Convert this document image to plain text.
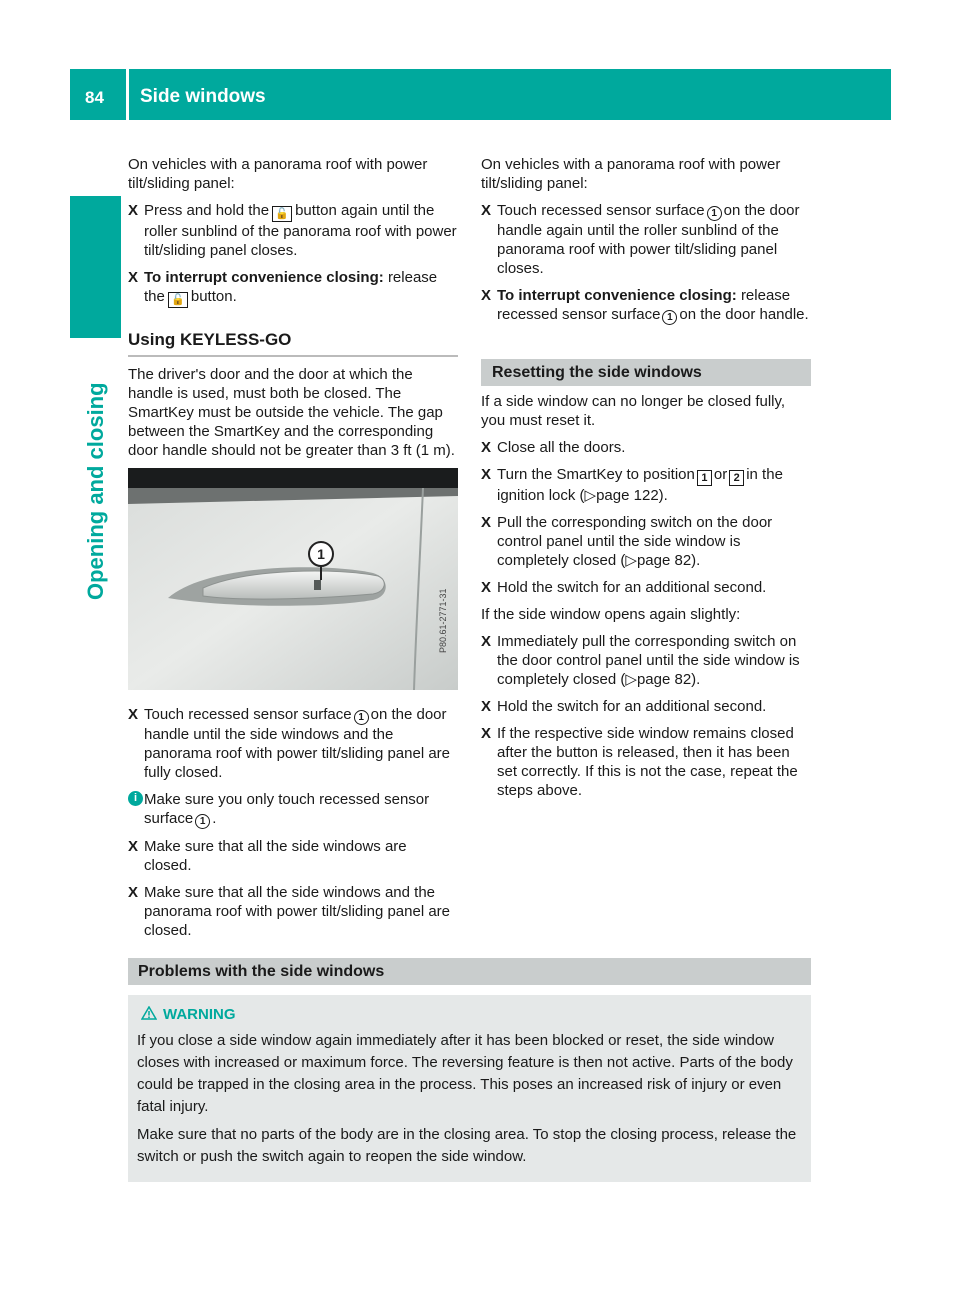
84 Side windows
Opening and closing

On vehicles with a panorama roof with power tilt/sliding panel:

X Press and hold the 🔓 button again until the roller sunblind of the panorama roof with power tilt/sliding panel closes.
X To interrupt convenience closing: release the 🔓 button.
Using KEYLESS-GO

The driver's door and the door at which the handle is used, must both be closed. The SmartKey must be outside the vehicle. The gap between the SmartKey and the corresponding door handle should not be greater than 3 ft (1 m).

1
P80.61-2771-31
X Touch recessed sensor surface 1 on the door handle until the side windows and the panorama roof with power tilt/sliding panel are fully closed.
i Make sure you only touch recessed sensor surface 1 .
X Make sure that all the side windows are closed.
X Make sure that all the side windows and the panorama roof with power tilt/sliding panel are closed.

On vehicles with a panorama roof with power tilt/sliding panel:

X Touch recessed sensor surface 1 on the door handle again until the roller sunblind of the panorama roof with power tilt/sliding panel closes.
X To interrupt convenience closing: release recessed sensor surface 1 on the door handle.
Resetting the side windows

If a side window can no longer be closed fully, you must reset it.

X Close all the doors.
X Turn the SmartKey to position 1 or 2 in the ignition lock (▷page 122).
X Pull the corresponding switch on the door control panel until the side window is completely closed (▷page 82).
X Hold the switch for an additional second.

If the side window opens again slightly:

X Immediately pull the corresponding switch on the door control panel until the side window is completely closed (▷page 82).
X Hold the switch for an additional second.
X If the respective side window remains closed after the button is released, then it has been set correctly. If this is not the case, repeat the steps above.
Problems with the side windows
WARNING

If you close a side window again immediately after it has been blocked or reset, the side window closes with increased or maximum force. The reversing feature is then not active. Parts of the body could be trapped in the closing area in the process. This poses an increased risk of injury or even fatal injury.

Make sure that no parts of the body are in the closing area. To stop the closing process, release the switch or push the switch again to reopen the side window.
